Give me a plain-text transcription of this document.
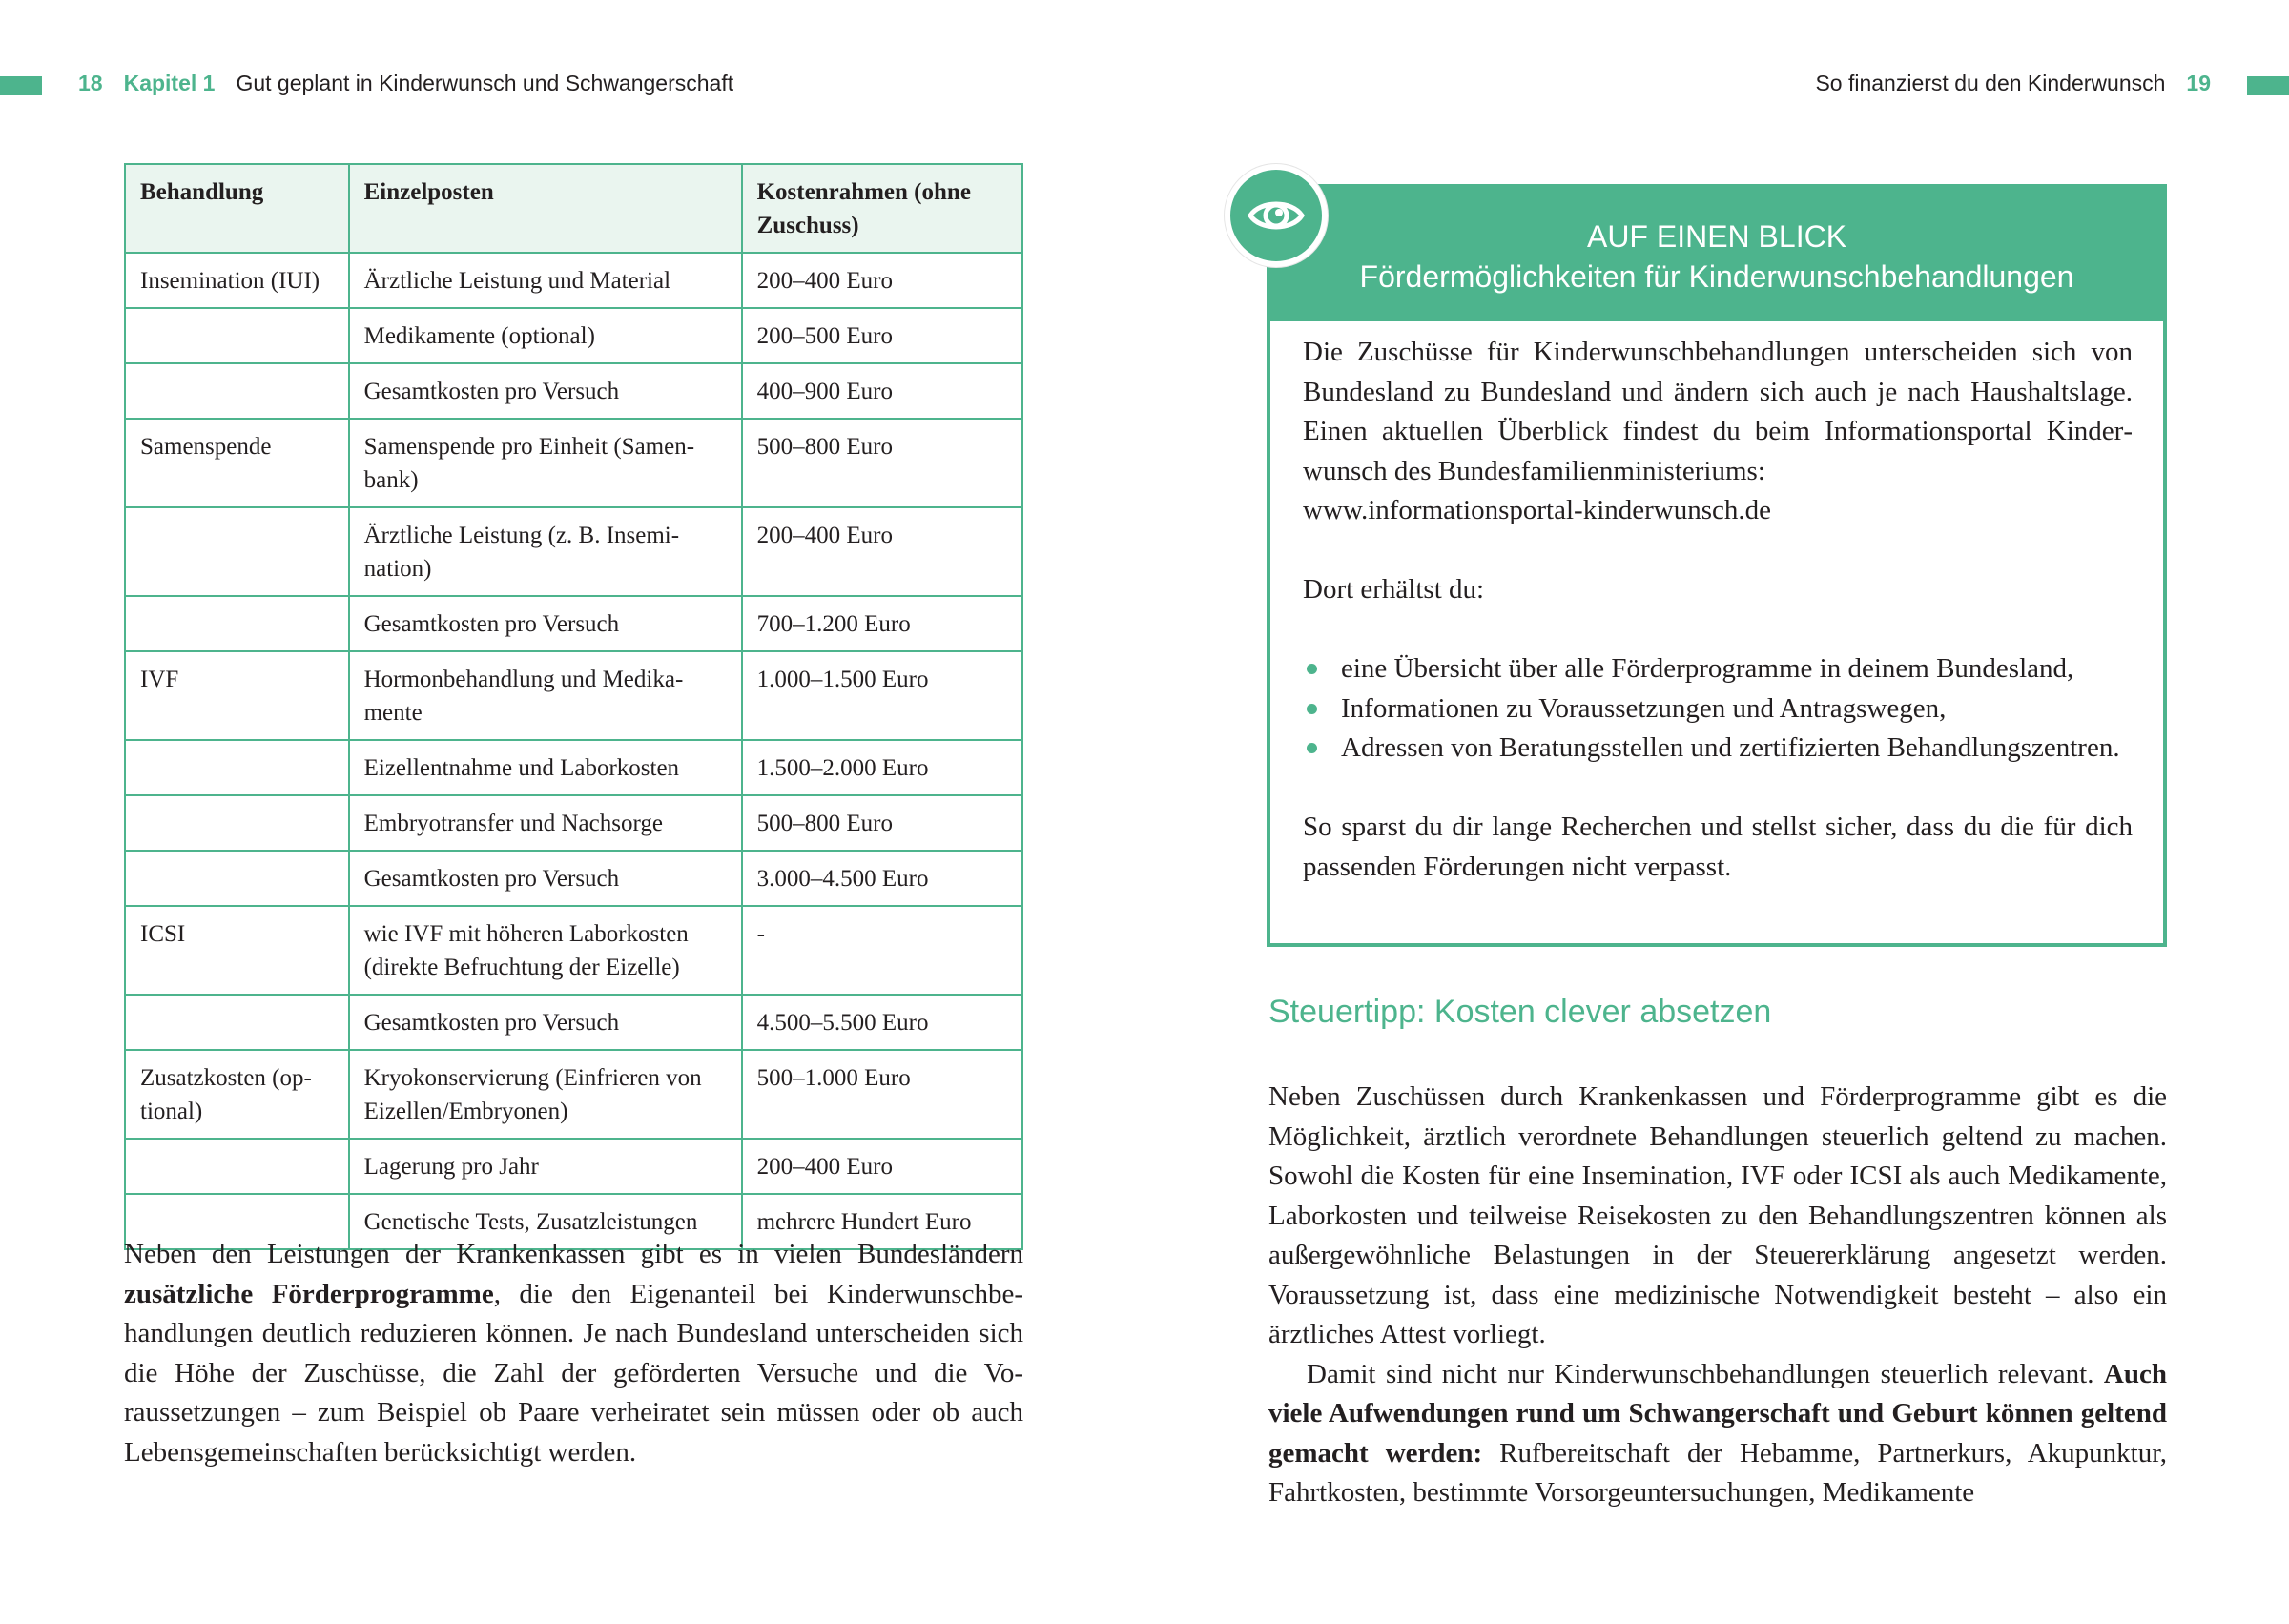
18 Kapitel 1 Gut geplant in Kinderwunsch und Schwangerschaft	So finanzierst du den Kinderwunsch 19
Behandlung	Einzelposten	Kostenrahmen (ohne Zuschuss)
Insemination (IUI)	Ärztliche Leistung und Material	200–400 Euro
	Medikamente (optional)	200–500 Euro
	Gesamtkosten pro Versuch	400–900 Euro
Samenspende	Samenspende pro Einheit (Samenbank)	500–800 Euro
	Ärztliche Leistung (z. B. Insemination)	200–400 Euro
	Gesamtkosten pro Versuch	700–1.200 Euro
IVF	Hormonbehandlung und Medikamente	1.000–1.500 Euro
	Eizellentnahme und Laborkosten	1.500–2.000 Euro
	Embryotransfer und Nachsorge	500–800 Euro
	Gesamtkosten pro Versuch	3.000–4.500 Euro
ICSI	wie IVF mit höheren Laborkosten (direkte Befruchtung der Eizelle)	-
	Gesamtkosten pro Versuch	4.500–5.500 Euro
Zusatzkosten (optional)	Kryokonservierung (Einfrieren von Eizellen/Embryonen)	500–1.000 Euro
	Lagerung pro Jahr	200–400 Euro
	Genetische Tests, Zusatzleistungen	mehrere Hundert Euro
Neben den Leistungen der Krankenkassen gibt es in vielen Bundesländern zusätzliche Förderprogramme, die den Eigenanteil bei Kinderwunschbehandlungen deutlich reduzieren können. Je nach Bundesland unterscheiden sich die Höhe der Zuschüsse, die Zahl der geförderten Versuche und die Voraussetzungen – zum Beispiel ob Paare verheiratet sein müssen oder ob auch Lebensgemeinschaften berücksichtigt werden.
AUF EINEN BLICK
Fördermöglichkeiten für Kinderwunschbehandlungen

Die Zuschüsse für Kinderwunschbehandlungen unterscheiden sich von Bundesland zu Bundesland und ändern sich auch je nach Haushaltslage. Einen aktuellen Überblick findest du beim Informationsportal Kinderwunsch des Bundesfamilienministeriums:

www.informationsportal-kinderwunsch.de

Dort erhältst du:

eine Übersicht über alle Förderprogramme in deinem Bundesland,
Informationen zu Voraussetzungen und Antragswegen,
Adressen von Beratungsstellen und zertifizierten Behandlungszentren.

So sparst du dir lange Recherchen und stellst sicher, dass du die für dich passenden Förderungen nicht verpasst.

Steuertipp: Kosten clever absetzen

Neben Zuschüssen durch Krankenkassen und Förderprogramme gibt es die Möglichkeit, ärztlich verordnete Behandlungen steuerlich geltend zu machen. Sowohl die Kosten für eine Insemination, IVF oder ICSI als auch Medikamente, Laborkosten und teilweise Reisekosten zu den Behandlungszentren können als außergewöhnliche Belastungen in der Steuererklärung angesetzt werden. Voraussetzung ist, dass eine medizinische Notwendigkeit besteht – also ein ärztliches Attest vorliegt.

Damit sind nicht nur Kinderwunschbehandlungen steuerlich relevant. Auch viele Aufwendungen rund um Schwangerschaft und Geburt können geltend gemacht werden: Rufbereitschaft der Hebamme, Partnerkurs, Akupunktur, Fahrtkosten, bestimmte Vorsorgeuntersuchungen, Medikamente
